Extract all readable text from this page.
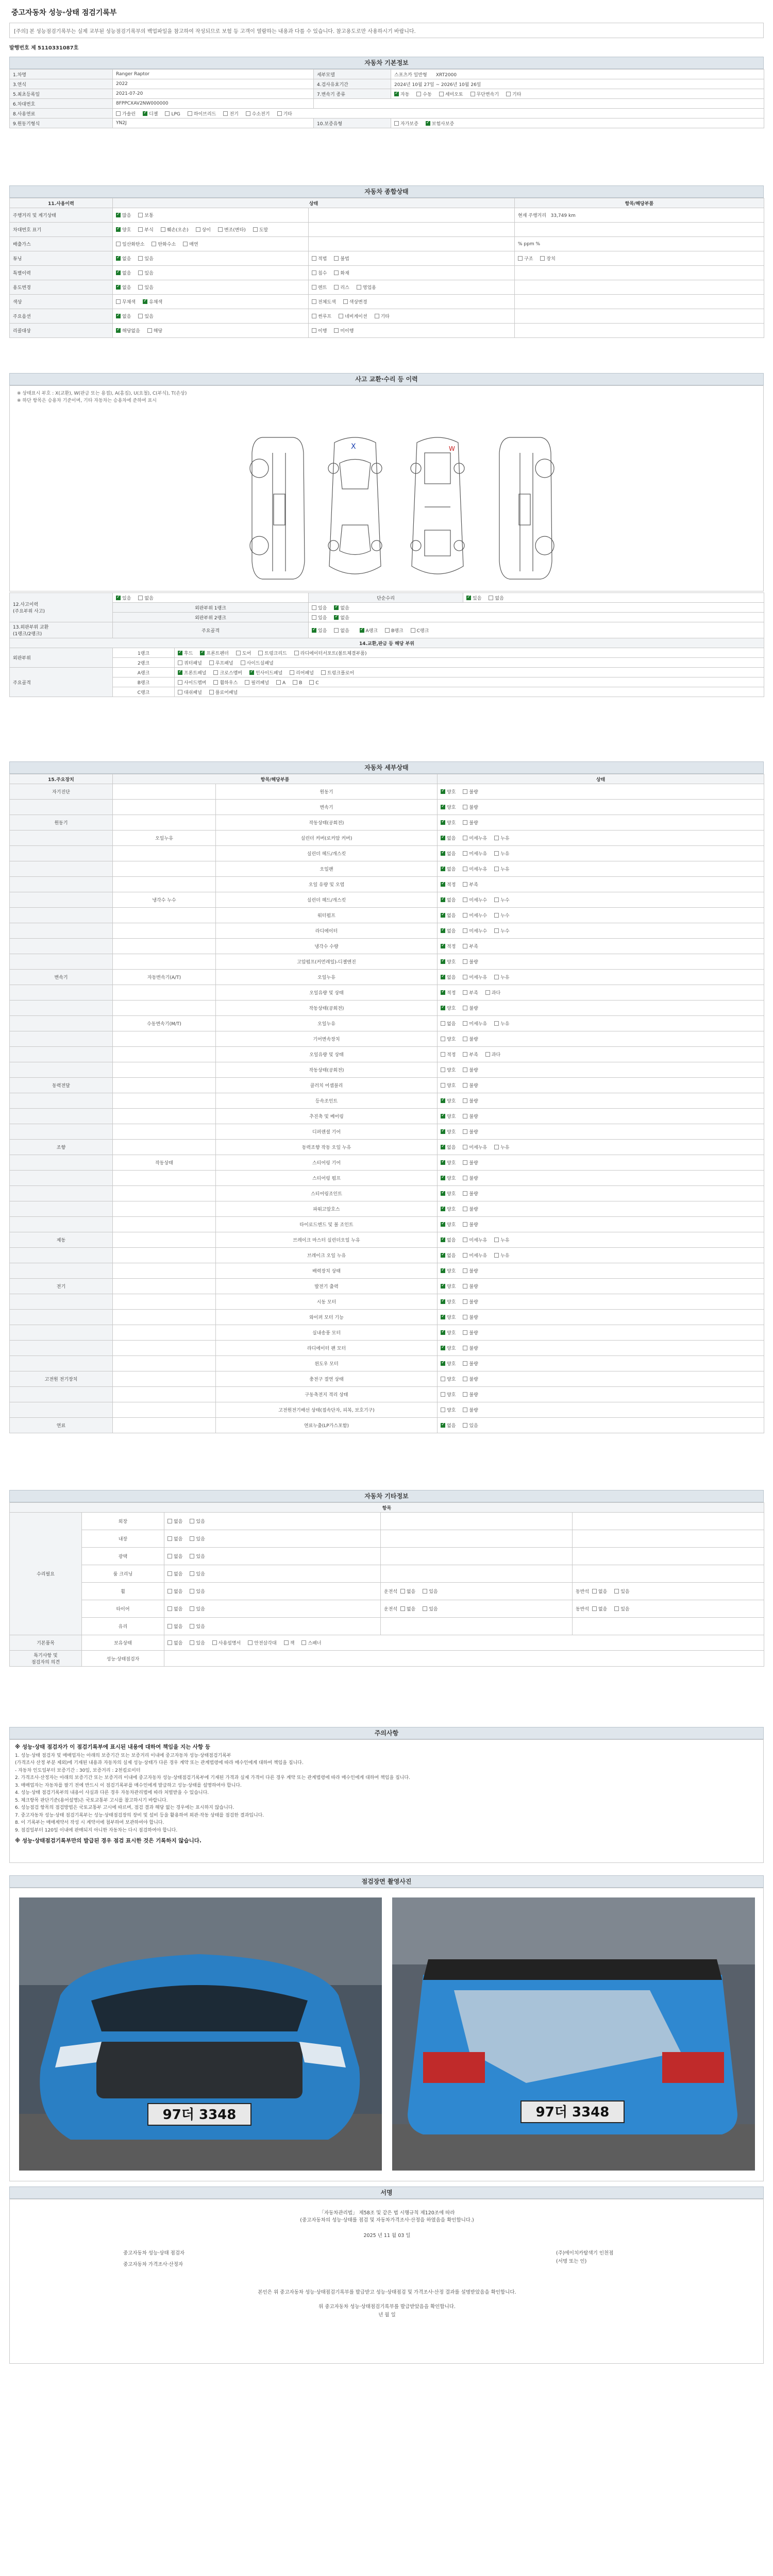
중고자동차 성능·상태 점검기록부
[주의] 본 성능점검기록부는 실제 교부된 성능점검기록부의 백업파일을 참고하여 작성되므로 보험 등 고객이 열람하는 내용과 다를 수 있습니다. 참고용도로만 사용하시기 바랍니다.
발행번호 제 5110331087호
자동차 기본정보
1.차명	Ranger Raptor	세부모델	스포츠카 일반형      XRT2000
3.연식	2022	4.검사유효기간	2024년 10월 27일 ~ 2026년 10월 26일
5.최초등록일	2021-07-20	7.변속기 종류	✓자동 수동 세미오토 무단변속기 기타
6.차대번호	8FPPCXAV2NW000000		
8.사용연료	가솔린 ✓ 디젤 LPG 하이브리드 전기 수소전기 기타
9.원동기형식	YN2J	10.보증유형	자가보증 ✓ 보험사보증
자동차 종합상태
11.사용이력	상태		항목/해당부품
주행거리 및 계기상태	✓많음 보통		현재 주행거리   33,749 km
차대번호 표기	✓양호 부식 훼손(오손) 상이 변조(변타) 도말		
배출가스	일산화탄소 탄화수소 매연		% ppm %
튜닝	✓없음 있음	적법 불법	구조 장치
특별이력	✓없음 있음	침수 화재	
용도변경	✓없음 있음	렌트 리스 영업용	
색상	무채색 ✓ 유채색	전체도색 색상변경	
주요옵션	✓없음 있음	썬루프 네비게이션 기타	
리콜대상	✓해당없음 해당	이행 미이행	
사고 교환·수리 등 이력
※ 상태표시 부호 : X(교환), W(판금 또는 용접), A(흠집), U(요철), C(부식), T(손상)
※ 하단 항목은 승용차 기준이며, 기타 자동차는 승용차에 준하여 표시
X	W
12.사고이력
(주요부위 사고)	✓있음 없음		단순수리	✓있음 없음
	외판부위 1랭크		있음 ✓ 없음
	외판부위 2랭크		있음 ✓ 없음
13.외판부위 교환
(1랭크/2랭크)	주요골격	✓있음 없음 ✓ A랭크 B랭크 C랭크
14.교환,판금 등 해당 부위				
외판부위	1랭크	✓후드 ✓ 프론트펜더 도어 트렁크리드 라디에이터서포트(볼트체결부품)
	2랭크	쿼터패널 루프패널 사이드실패널		
주요골격	A랭크	✓프론트패널 크로스멤버 ✓ 인사이드패널 리어패널 트렁크플로어
	B랭크	사이드멤버 휠하우스 필러패널 A B C		
	C랭크	대쉬패널 플로어패널		
자동차 세부상태
15.주요장치	항목/해당부품		상태
자기진단		원동기	✓양호 불량
		변속기	✓양호 불량
원동기		작동상태(공회전)	✓양호 불량
	오일누유	실린더 커버(로커암 커버)	✓없음 미세누유 누유
		실린더 헤드/개스킷	✓없음 미세누유 누유
		오일팬	✓없음 미세누유 누유
		오일 유량 및 오염	✓적정 부족
	냉각수 누수	실린더 헤드/개스킷	✓없음 미세누수 누수
		워터펌프	✓없음 미세누수 누수
		라디에이터	✓없음 미세누수 누수
		냉각수 수량	✓적정 부족
		고압펌프(커먼레일)-디젤엔진	✓양호 불량
변속기	자동변속기(A/T)	오일누유	✓없음 미세누유 누유
		오일유량 및 상태	✓적정 부족 과다
		작동상태(공회전)	✓양호 불량
	수동변속기(M/T)	오일누유	없음 미세누유 누유
		기어변속장치	양호 불량
		오일유량 및 상태	적정 부족 과다
		작동상태(공회전)	양호 불량
동력전달		클러치 어셈블리	양호 불량
		등속조인트	✓양호 불량
		추진축 및 베어링	✓양호 불량
		디퍼렌셜 기어	✓양호 불량
조향		동력조향 작동 오일 누유	✓없음 미세누유 누유
	작동상태	스티어링 기어	✓양호 불량
		스티어링 펌프	✓양호 불량
		스티어링조인트	✓양호 불량
		파워고압호스	✓양호 불량
		타이로드엔드 및 볼 조인트	✓양호 불량
제동		브레이크 마스터 실린더오일 누유	✓없음 미세누유 누유
		브레이크 오일 누유	✓없음 미세누유 누유
		배력장치 상태	✓양호 불량
전기		발전기 출력	✓양호 불량
		시동 모터	✓양호 불량
		와이퍼 모터 기능	✓양호 불량
		실내송풍 모터	✓양호 불량
		라디에이터 팬 모터	✓양호 불량
		윈도우 모터	✓양호 불량
고전원 전기장치		충전구 절연 상태	양호 불량
		구동축전지 격리 상태	양호 불량
		고전원전기배선 상태(접속단자, 피복, 보호기구)	양호 불량
연료		연료누출(LP가스포함)	✓없음 있음
자동차 기타정보
항목				
수리필요	외장	없음 있음		
	내장	없음 있음		
	광택	없음 있음		
	룸 크리닝	없음 있음		
	휠	없음 있음	운전석  없음 있음	동반석  없음 있음
	타이어	없음 있음	운전석  없음 있음	동반석  없음 있음
	유리	없음 있음		
기본품목	보유상태	없음 있음 사용설명서 안전삼각대 잭 스패너		
특기사항 및
점검자의 의견	성능·상태점검자			
주의사항

※ 성능·상태 점검자가 이 점검기록부에 표시된 내용에 대하여 책임을 지는 사항 등

1. 성능·상태 점검자 및 매매업자는 아래의 보증기간 또는 보증거리 이내에 중고자동차 성능·상태점검기록부

(가격조사 산정 부분 제외)에 기재된 내용과 자동차의 실제 성능·상태가 다른 경우 계약 또는 관계법령에 따라 매수인에게 대하여 책임을 집니다.

- 자동차 인도일부터 보증기간 : 30일, 보증거리 : 2천킬로미터

2. 가격조사·산정자는 아래의 보증기간 또는 보증거리 이내에 중고자동차 성능·상태점검기록부에 기재된 가격과 실제 가격이 다른 경우 계약 또는 관계법령에 따라 매수인에게 대하여 책임을 집니다.

3. 매매업자는 자동차를 팔기 전에 반드시 이 점검기록부를 매수인에게 발급하고 성능·상태를 설명하여야 합니다.

4. 성능·상태 점검기록부의 내용이 사실과 다른 경우 자동차관리법에 따라 처벌받을 수 있습니다.

5. 체크항목 판단기준(용어설명)은 국토교통부 고시를 참고하시기 바랍니다.

6. 성능점검 항목의 점검방법은 국토교통부 고시에 따르며, 점검 결과 해당 없는 경우에는 표시하지 않습니다.

7. 중고자동차 성능·상태 점검기록부는 성능·상태점검장의 장비 및 설비 등을 활용하여 외관·작동 상태를 점검한 결과입니다.

8. 이 기록부는 매매계약서 작성 시 계약서에 첨부하여 보관하여야 합니다.

9. 점검일부터 120일 이내에 판매되지 아니한 자동차는 다시 점검하여야 합니다.

※ 성능·상태점검기록부만의 발급된 경우 점검 표시한 것은 기록하지 않습니다.

점검장면 촬영사진
97더 3348	97더 3348
서명
「자동차관리법」 제58조 및 같은 법 시행규칙 제120조에 따라
(중고자동차의 성능·상태를 점검 및 자동차가격조사·산정을 하였음을 확인합니다.)
2025 년 11 월 03 일
중고자동차 성능·상태 점검자	(주)에이치카탐색기 인천점
(서명 또는 인)
중고자동차 가격조사·산정자
본인은 위 중고자동차 성능·상태점검기록부를 발급받고 성능·상태점검 및 가격조사·산정 결과를 설명받았음을 확인합니다.
위 중고자동차 성능·상태점검기록부를 발급받았음을 확인합니다.
년 월 일
